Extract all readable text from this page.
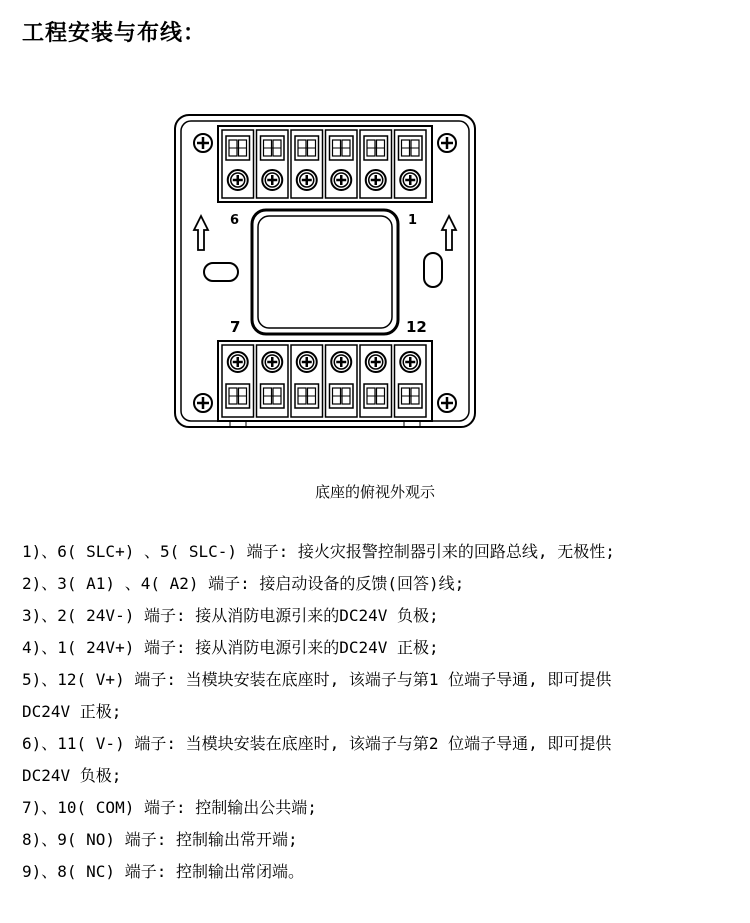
工程安装与布线：
6	1
7	12
底座的俯视外观示
1)、6( SLC+) 、5( SLC-) 端子: 接火灾报警控制器引来的回路总线, 无极性;
2)、3( A1) 、4( A2) 端子: 接启动设备的反馈(回答)线;
3)、2( 24V-) 端子: 接从消防电源引来的DC24V 负极;
4)、1( 24V+) 端子: 接从消防电源引来的DC24V 正极;
5)、12( V+) 端子: 当模块安装在底座时, 该端子与第1 位端子导通, 即可提供
DC24V 正极;
6)、11( V-) 端子: 当模块安装在底座时, 该端子与第2 位端子导通, 即可提供
DC24V 负极;
7)、10( COM) 端子: 控制输出公共端;
8)、9( NO) 端子: 控制输出常开端;
9)、8( NC) 端子: 控制输出常闭端。
